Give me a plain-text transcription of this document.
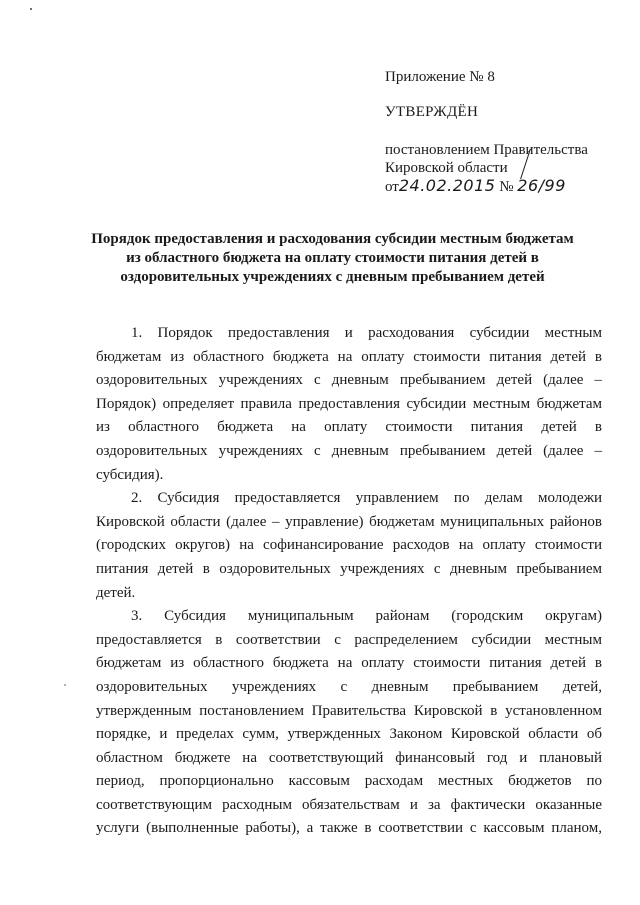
Приложение № 8
УТВЕРЖДЁН
постановлением Правительства
Кировской области
от24.02.2015 № 26/99
Порядок предоставления и расходования субсидии местным бюджетам
из областного бюджета на оплату стоимости питания детей в
оздоровительных учреждениях с дневным пребыванием детей
1. Порядок предоставления и расходования субсидии местным
бюджетам из областного бюджета на оплату стоимости питания детей в
оздоровительных учреждениях с дневным пребыванием детей (далее –
Порядок) определяет правила предоставления субсидии местным бюджетам
из областного бюджета на оплату стоимости питания детей в
оздоровительных учреждениях с дневным пребыванием детей (далее –
субсидия).
2. Субсидия предоставляется управлением по делам молодежи
Кировской области (далее – управление) бюджетам муниципальных районов
(городских округов) на софинансирование расходов на оплату стоимости
питания детей в оздоровительных учреждениях с дневным пребыванием
детей.
3. Субсидия муниципальным районам (городским округам)
предоставляется в соответствии с распределением субсидии местным
бюджетам из областного бюджета на оплату стоимости питания детей в
оздоровительных учреждениях с дневным пребыванием детей,
утвержденным постановлением Правительства Кировской в установленном
порядке, и пределах сумм, утвержденных Законом Кировской области об
областном бюджете на соответствующий финансовый год и плановый
период, пропорционально кассовым расходам местных бюджетов по
соответствующим расходным обязательствам и за фактически оказанные
услуги (выполненные работы), а также в соответствии с кассовым планом,
